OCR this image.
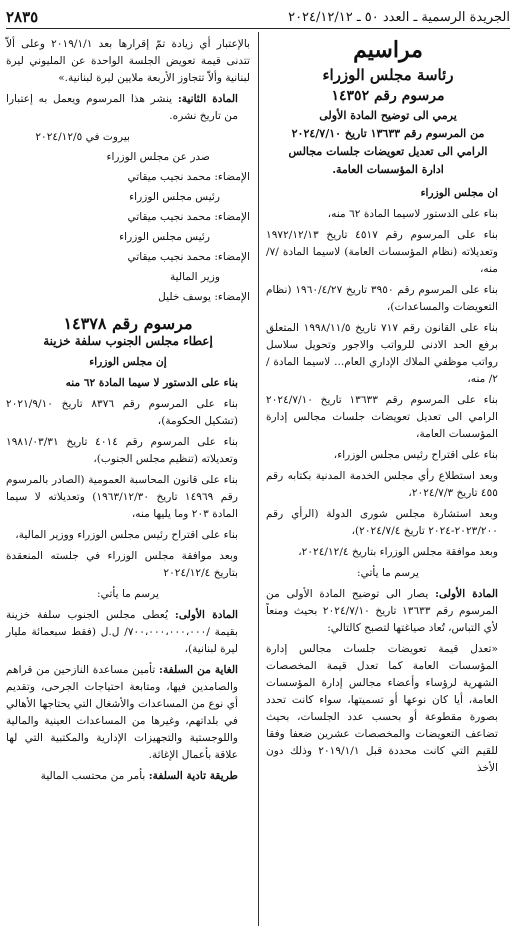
الجريدة الرسمية ـ العدد ٥٠ ـ ٢٠٢٤/١٢/١٢
٢٨٣٥
مراسيم
رئاسة مجلس الوزراء
مرسوم رقم ١٤٣٥٢
يرمي الى توضيح المادة الأولى
من المرسوم رقم ١٣٦٣٣ تاريخ ٢٠٢٤/٧/١٠
الرامي الى تعديل تعويضات جلسات مجالس
ادارة المؤسسات العامة.

ان مجلس الوزراء

بناء على الدستور لاسيما المادة ٦٢ منه،

بناء على المرسوم رقم ٤٥١٧ تاريخ ١٩٧٢/١٢/١٣ وتعديلاته (نظام المؤسسات العامة) لاسيما المادة /٧/ منه،

بناء على المرسوم رقم ٣٩٥٠ تاريخ ١٩٦٠/٤/٢٧ (نظام التعويضات والمساعدات)،

بناء على القانون رقم ٧١٧ تاريخ ١٩٩٨/١١/٥ المتعلق برفع الحد الادنى للرواتب والاجور وتحويل سلاسل رواتب موظفي الملاك الإداري العام... لاسيما المادة /٢/ منه،

بناء على المرسوم رقم ١٣٦٣٣ تاريخ ٢٠٢٤/٧/١٠ الرامي الى تعديل تعويضات جلسات مجالس إدارة المؤسسات العامة،

بناء على اقتراح رئيس مجلس الوزراء،

وبعد استطلاع رأي مجلس الخدمة المدنية بكتابه رقم ٤٥٥ تاريخ ٢٠٢٤/٧/٣،

وبعد استشارة مجلس شورى الدولة (الرأي رقم ٢٠٢٣/٢٠٠-٢٠٢٤ تاريخ ٢٠٢٤/٧/٤)،

وبعد موافقة مجلس الوزراء بتاريخ ٢٠٢٤/١٢/٤،

يرسم ما يأتي:

المادة الأولى: يصار الى توضيح المادة الأولى من المرسوم رقم ١٣٦٣٣ تاريخ ٢٠٢٤/٧/١٠ بحيث ومنعاً لأي التباس، تُعاد صياغتها لتصبح كالتالي:

«تعدل قيمة تعويضات جلسات مجالس إدارة المؤسسات العامة كما تعدل قيمة المخصصات الشهرية لرؤساء وأعضاء مجالس إدارة المؤسسات العامة، أيا كان نوعها أو تسميتها، سواء كانت تحدد بصورة مقطوعة أو بحسب عدد الجلسات، بحيث تضاعف التعويضات والمخصصات عشرين ضعفا وفقا للقيم التي كانت محددة قبل ٢٠١٩/١/١ وذلك دون الأخذ

بالإعتبار أي زيادة تمّ إقرارها بعد ٢٠١٩/١/١ وعلى ألاّ تتدنى قيمة تعويض الجلسة الواحدة عن المليوني ليرة لبنانية وألاّ تتجاوز الأربعة ملايين ليرة لبنانية.»

المادة الثانية: ينشر هذا المرسوم ويعمل به إعتبارا من تاريخ نشره.

بيروت في ٢٠٢٤/١٢/٥

صدر عن مجلس الوزراء

الإمضاء: محمد نجيب ميقاتي

رئيس مجلس الوزراء

الإمضاء: محمد نجيب ميقاتي

رئيس مجلس الوزراء

الإمضاء: محمد نجيب ميقاتي

وزير المالية

الإمضاء: يوسف خليل

مرسوم رقم ١٤٣٧٨
إعطاء مجلس الجنوب سلفة خزينة

إن مجلس الوزراء

بناء على الدستور لا سيما المادة ٦٢ منه

بناء على المرسوم رقم ٨٣٧٦ تاريخ ٢٠٢١/٩/١٠ (تشكيل الحكومة)،

بناء على المرسوم رقم ٤٠١٤ تاريخ ١٩٨١/٠٣/٣١ وتعديلاته (تنظيم مجلس الجنوب)،

بناء على قانون المحاسبة العمومية (الصادر بالمرسوم رقم ١٤٩٦٩ تاريخ ١٩٦٣/١٢/٣٠) وتعديلاته لا سيما المادة ٢٠٣ وما يليها منه،

بناء على اقتراح رئيس مجلس الوزراء ووزير المالية،

وبعد موافقة مجلس الوزراء في جلسته المنعقدة بتاريخ ٢٠٢٤/١٢/٤

يرسم ما يأتي:

المادة الأولى: يُعطى مجلس الجنوب سلفة خزينة بقيمة /٧٠٠،٠٠٠،٠٠٠،٠٠٠/ ل.ل (فقط سبعمائة مليار ليرة لبنانية)،

الغاية من السلفة: تأمين مساعدة النازحين من قراهم والصامدين فيها، ومتابعة احتياجات الجرحى، وتقديم أي نوع من المساعدات والأشغال التي يحتاجها الأهالي في بلداتهم، وغيرها من المساعدات العينية والمالية واللوجستية والتجهيزات الإدارية والمكتبية التي لها علاقة بأعمال الإغاثة.

طريقة تادية السلفة: بأمر من محتسب المالية
